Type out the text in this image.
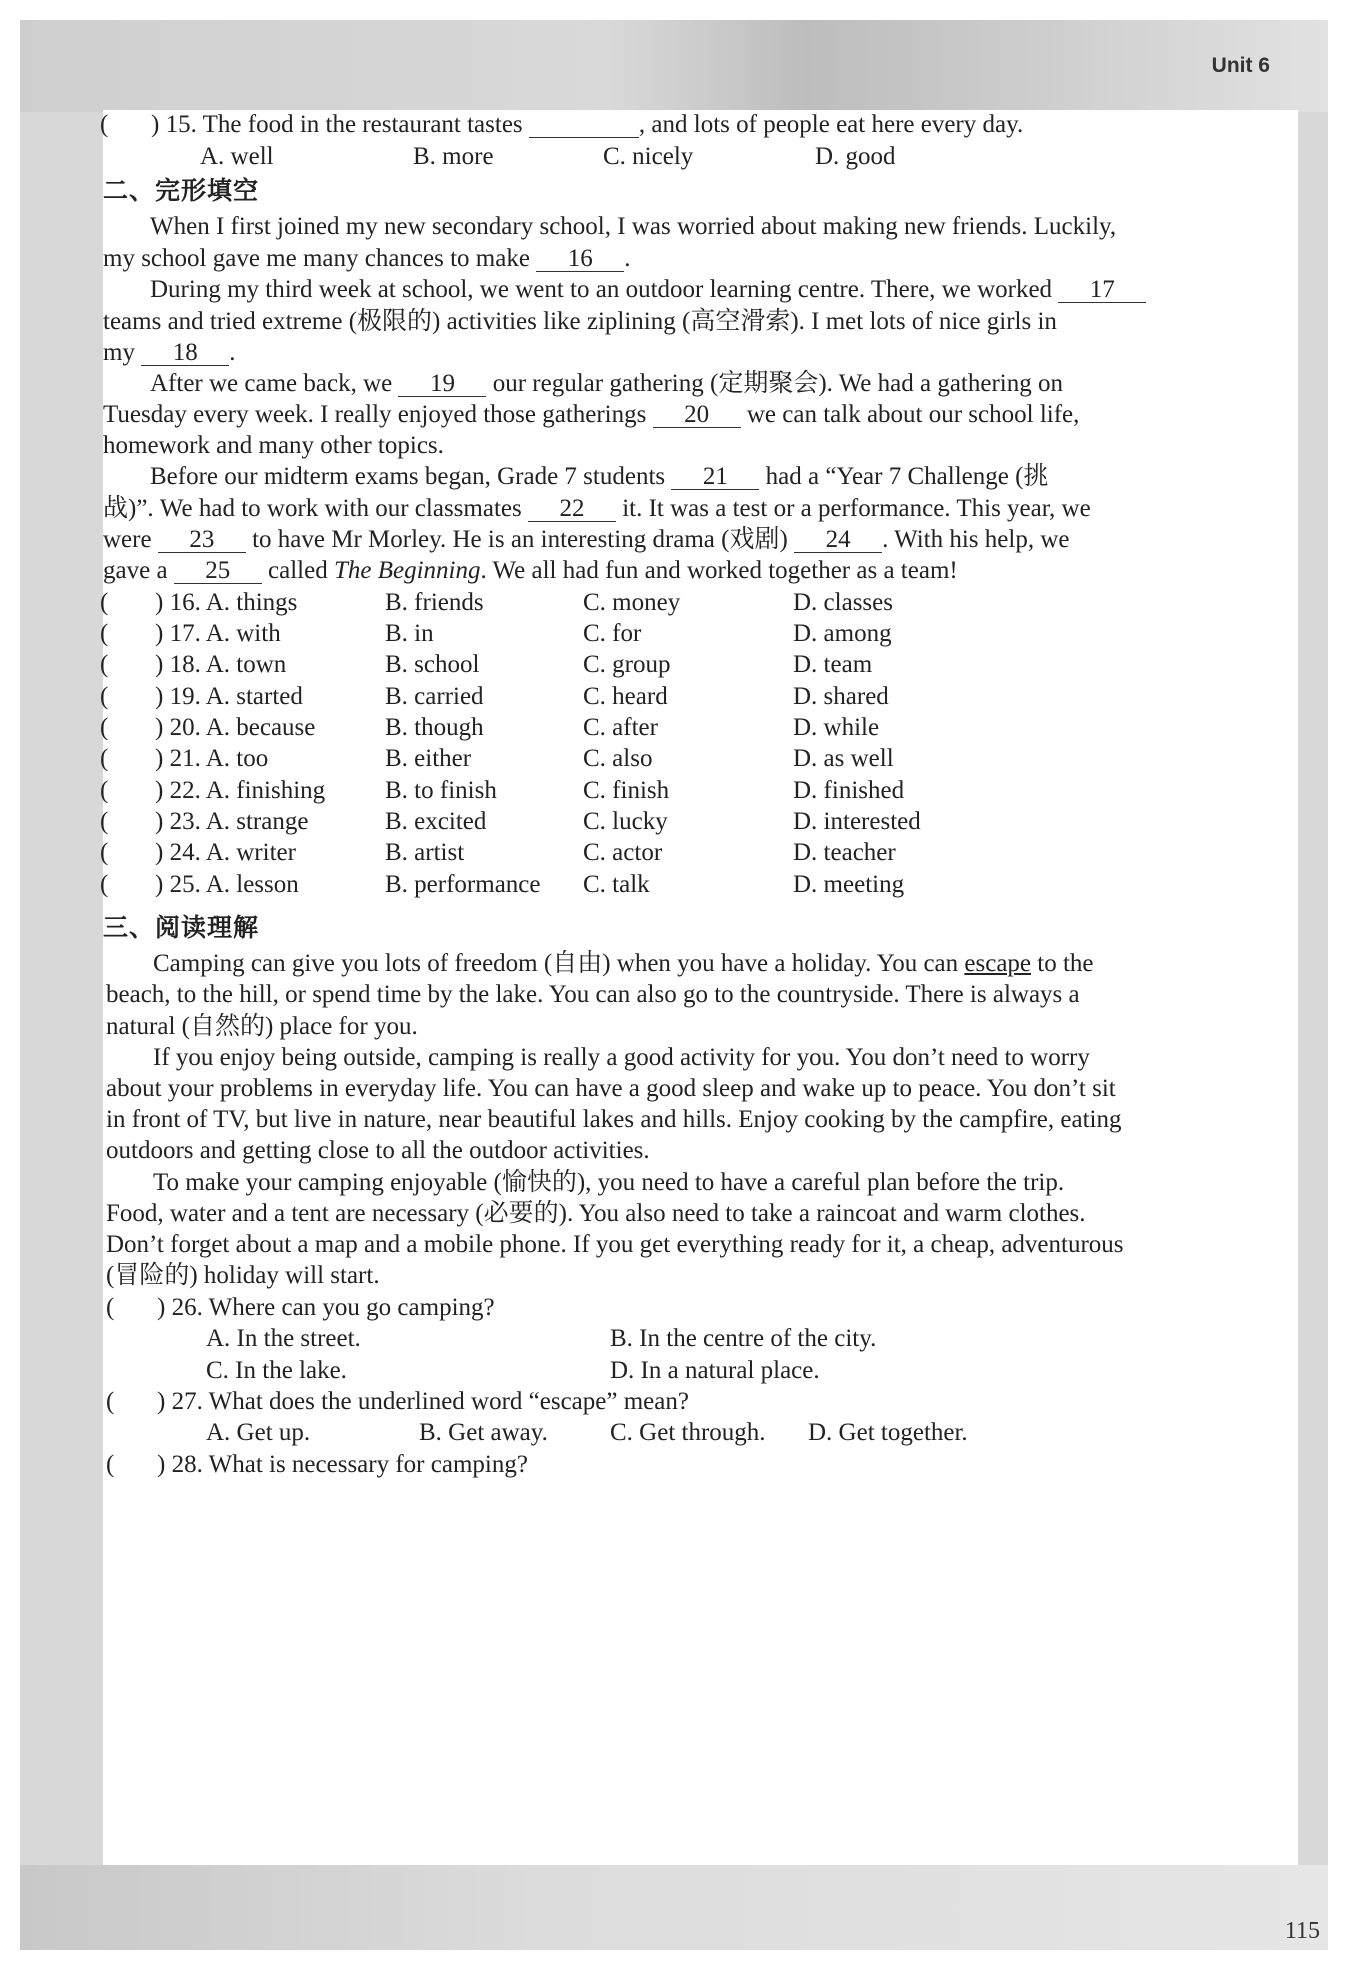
Unit 6
115
( ) 15. The food in the restaurant tastes	, and lots of people eat here every day.
A. well	B. more	C. nicely	D. good
二、完形填空
When I first joined my new secondary school, I was worried about making new friends. Luckily,
my school gave me many chances to make 16 .
During my third week at school, we went to an outdoor learning centre. There, we worked 17
teams and tried extreme (极限的) activities like ziplining (高空滑索). I met lots of nice girls in
my 18 .
After we came back, we 19 our regular gathering (定期聚会). We had a gathering on
Tuesday every week. I really enjoyed those gatherings 20 we can talk about our school life,
homework and many other topics.
Before our midterm exams began, Grade 7 students 21 had a “Year 7 Challenge (挑
战)”. We had to work with our classmates 22 it. It was a test or a performance. This year, we
were 23 to have Mr Morley. He is an interesting drama (戏剧) 24 . With his help, we
gave a 25 called The Beginning. We all had fun and worked together as a team!
( ) 16. A. things	B. friends	C. money	D. classes
( ) 17. A. with	B. in	C. for	D. among
( ) 18. A. town	B. school	C. group	D. team
( ) 19. A. started	B. carried	C. heard	D. shared
( ) 20. A. because	B. though	C. after	D. while
( ) 21. A. too	B. either	C. also	D. as well
( ) 22. A. finishing B. to finish	C. finish	D. finished
( ) 23. A. strange	B. excited	C. lucky	D. interested
( ) 24. A. writer	B. artist	C. actor	D. teacher
( ) 25. A. lesson	B. performance C. talk	D. meeting
三、阅读理解
Camping can give you lots of freedom (自由) when you have a holiday. You can escape to the
beach, to the hill, or spend time by the lake. You can also go to the countryside. There is always a
natural (自然的) place for you.
If you enjoy being outside, camping is really a good activity for you. You don’t need to worry
about your problems in everyday life. You can have a good sleep and wake up to peace. You don’t sit
in front of TV, but live in nature, near beautiful lakes and hills. Enjoy cooking by the campfire, eating
outdoors and getting close to all the outdoor activities.
To make your camping enjoyable (愉快的), you need to have a careful plan before the trip.
Food, water and a tent are necessary (必要的). You also need to take a raincoat and warm clothes.
Don’t forget about a map and a mobile phone. If you get everything ready for it, a cheap, adventurous
(冒险的) holiday will start.
( ) 26. Where can you go camping?
A. In the street.	B. In the centre of the city.
C. In the lake.	D. In a natural place.
( ) 27. What does the underlined word “escape” mean?
A. Get up.	B. Get away. C. Get through. D. Get together.
( ) 28. What is necessary for camping?
